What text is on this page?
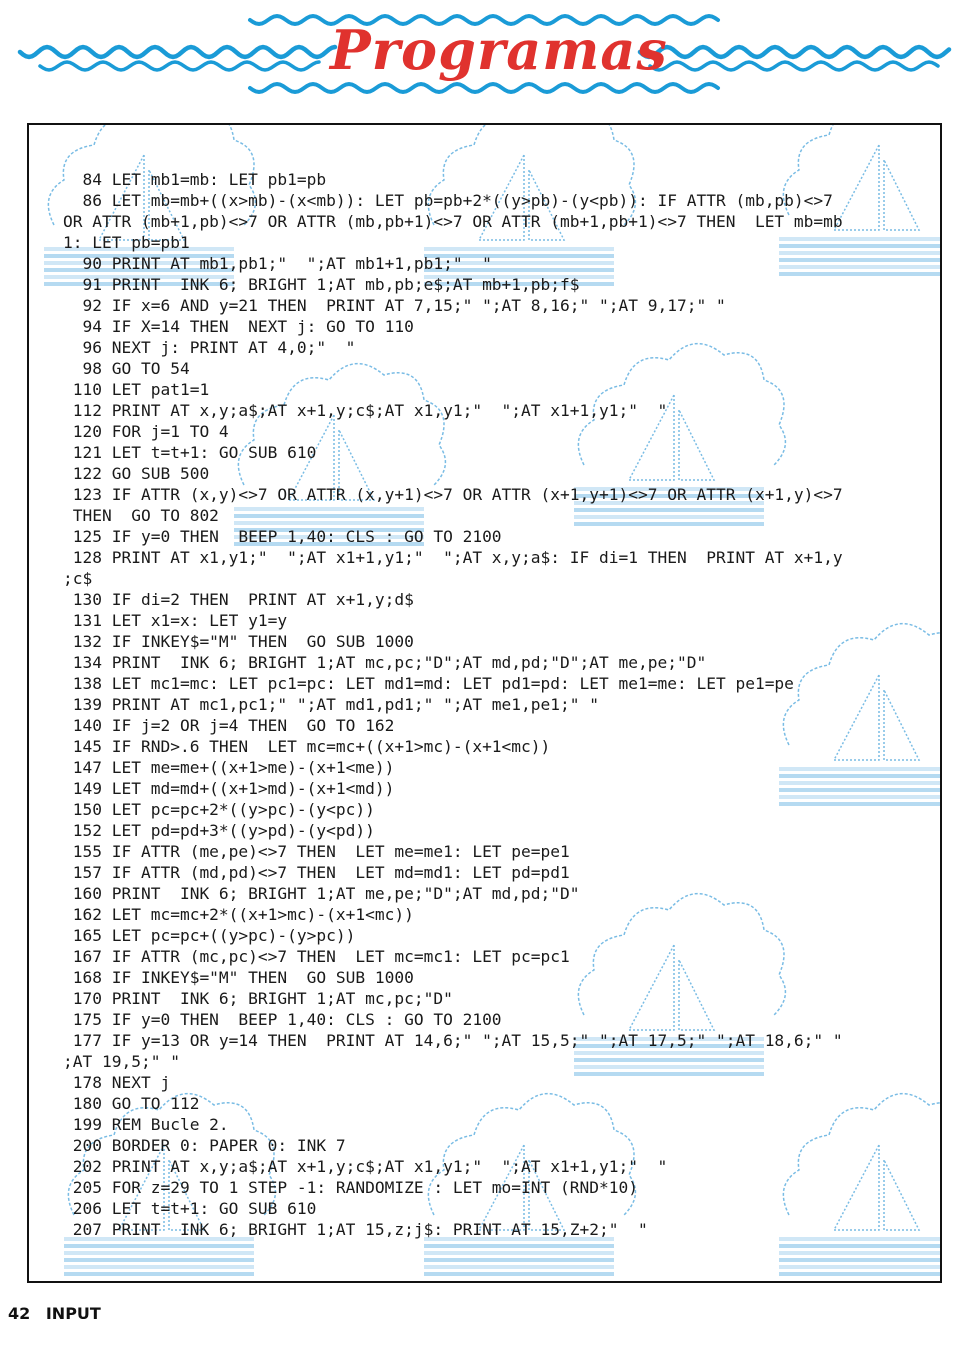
Programas
84 LET mb1=mb: LET pb1=pb
86 LET mb=mb+((x>mb)-(x<mb)): LET pb=pb+2*((y>pb)-(y<pb)): IF ATTR (mb,pb)<>7
OR ATTR (mb+1,pb)<>7 OR ATTR (mb,pb+1)<>7 OR ATTR (mb+1,pb+1)<>7 THEN  LET mb=mb
1: LET pb=pb1
90 PRINT AT mb1,pb1;"  ";AT mb1+1,pb1;"  "
91 PRINT  INK 6; BRIGHT 1;AT mb,pb;e$;AT mb+1,pb;f$
92 IF x=6 AND y=21 THEN  PRINT AT 7,15;" ";AT 8,16;" ";AT 9,17;" "
94 IF X=14 THEN  NEXT j: GO TO 110
96 NEXT j: PRINT AT 4,0;"  "
98 GO TO 54
110 LET pat1=1
112 PRINT AT x,y;a$;AT x+1,y;c$;AT x1,y1;"  ";AT x1+1,y1;"  "
120 FOR j=1 TO 4
121 LET t=t+1: GO SUB 610
122 GO SUB 500
123 IF ATTR (x,y)<>7 OR ATTR (x,y+1)<>7 OR ATTR (x+1,y+1)<>7 OR ATTR (x+1,y)<>7
THEN  GO TO 802
125 IF y=0 THEN  BEEP 1,40: CLS : GO TO 2100
128 PRINT AT x1,y1;"  ";AT x1+1,y1;"  ";AT x,y;a$: IF di=1 THEN  PRINT AT x+1,y
;c$
130 IF di=2 THEN  PRINT AT x+1,y;d$
131 LET x1=x: LET y1=y
132 IF INKEY$="M" THEN  GO SUB 1000
134 PRINT  INK 6; BRIGHT 1;AT mc,pc;"D";AT md,pd;"D";AT me,pe;"D"
138 LET mc1=mc: LET pc1=pc: LET md1=md: LET pd1=pd: LET me1=me: LET pe1=pe
139 PRINT AT mc1,pc1;" ";AT md1,pd1;" ";AT me1,pe1;" "
140 IF j=2 OR j=4 THEN  GO TO 162
145 IF RND>.6 THEN  LET mc=mc+((x+1>mc)-(x+1<mc))
147 LET me=me+((x+1>me)-(x+1<me))
149 LET md=md+((x+1>md)-(x+1<md))
150 LET pc=pc+2*((y>pc)-(y<pc))
152 LET pd=pd+3*((y>pd)-(y<pd))
155 IF ATTR (me,pe)<>7 THEN  LET me=me1: LET pe=pe1
157 IF ATTR (md,pd)<>7 THEN  LET md=md1: LET pd=pd1
160 PRINT  INK 6; BRIGHT 1;AT me,pe;"D";AT md,pd;"D"
162 LET mc=mc+2*((x+1>mc)-(x+1<mc))
165 LET pc=pc+((y>pc)-(y>pc))
167 IF ATTR (mc,pc)<>7 THEN  LET mc=mc1: LET pc=pc1
168 IF INKEY$="M" THEN  GO SUB 1000
170 PRINT  INK 6; BRIGHT 1;AT mc,pc;"D"
175 IF y=0 THEN  BEEP 1,40: CLS : GO TO 2100
177 IF y=13 OR y=14 THEN  PRINT AT 14,6;" ";AT 15,5;" ";AT 17,5;" ";AT 18,6;" "
;AT 19,5;" "
178 NEXT j
180 GO TO 112
199 REM Bucle 2.
200 BORDER 0: PAPER 0: INK 7
202 PRINT AT x,y;a$;AT x+1,y;c$;AT x1,y1;"  ";AT x1+1,y1;"  "
205 FOR z=29 TO 1 STEP -1: RANDOMIZE : LET mo=INT (RND*10)
206 LET t=t+1: GO SUB 610
207 PRINT  INK 6; BRIGHT 1;AT 15,z;j$: PRINT AT 15,Z+2;"  "
42 INPUT
